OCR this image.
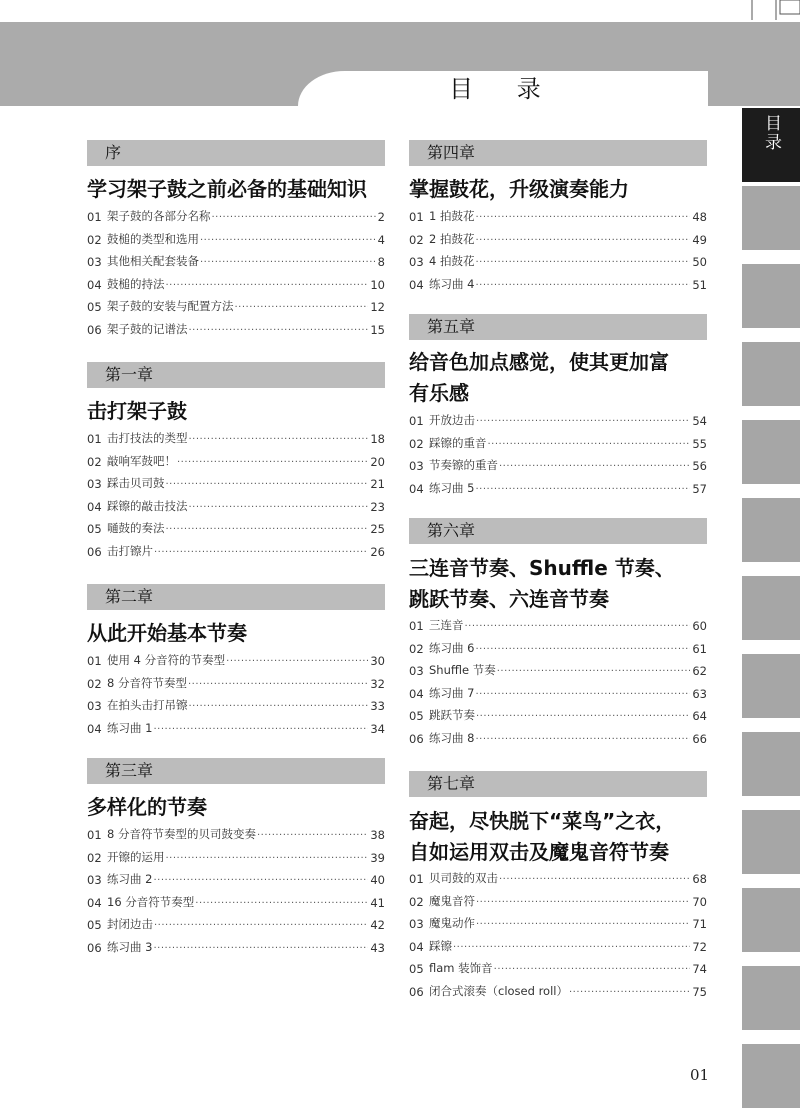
目 录
目录
序
学习架子鼓之前必备的基础知识
01 架子鼓的各部分名称 .....	2
02 鼓槌的类型和选用 .....	4
03 其他相关配套装备 .....	8
04 鼓槌的持法 .....	10
05 架子鼓的安装与配置方法 .....	12
06 架子鼓的记谱法 .....	15
第一章
击打架子鼓
01 击打技法的类型 .....	18
02 敲响军鼓吧！ .....	20
03 踩击贝司鼓 .....	21
04 踩镲的敲击技法 .....	23
05 嗵鼓的奏法 .....	25
06 击打镲片 .....	26
第二章
从此开始基本节奏
01 使用 4 分音符的节奏型 .....	30
02 8 分音符节奏型 .....	32
03 在拍头击打吊镲 .....	33
04 练习曲 1 .....	34
第三章
多样化的节奏
01 8 分音符节奏型的贝司鼓变奏 .....	38
02 开镲的运用 .....	39
03 练习曲 2 .....	40
04 16 分音符节奏型 .....	41
05 封闭边击 .....	42
06 练习曲 3 .....	43
第四章
掌握鼓花，升级演奏能力
01 1 拍鼓花 .....	48
02 2 拍鼓花 .....	49
03 4 拍鼓花 .....	50
04 练习曲 4 .....	51
第五章
给音色加点感觉，使其更加富
有乐感
01 开放边击 .....	54
02 踩镲的重音 .....	55
03 节奏镲的重音 .....	56
04 练习曲 5 .....	57
第六章
三连音节奏、Shuffle 节奏、
跳跃节奏、六连音节奏
01 三连音 .....	60
02 练习曲 6 .....	61
03 Shuffle 节奏 .....	62
04 练习曲 7 .....	63
05 跳跃节奏 .....	64
06 练习曲 8 .....	66
第七章
奋起，尽快脱下“菜鸟”之衣，
自如运用双击及魔鬼音符节奏
01 贝司鼓的双击 .....	68
02 魔鬼音符 .....	70
03 魔鬼动作 .....	71
04 踩镲 .....	72
05 flam 装饰音 .....	74
06 闭合式滚奏（closed roll） .....	75
01
